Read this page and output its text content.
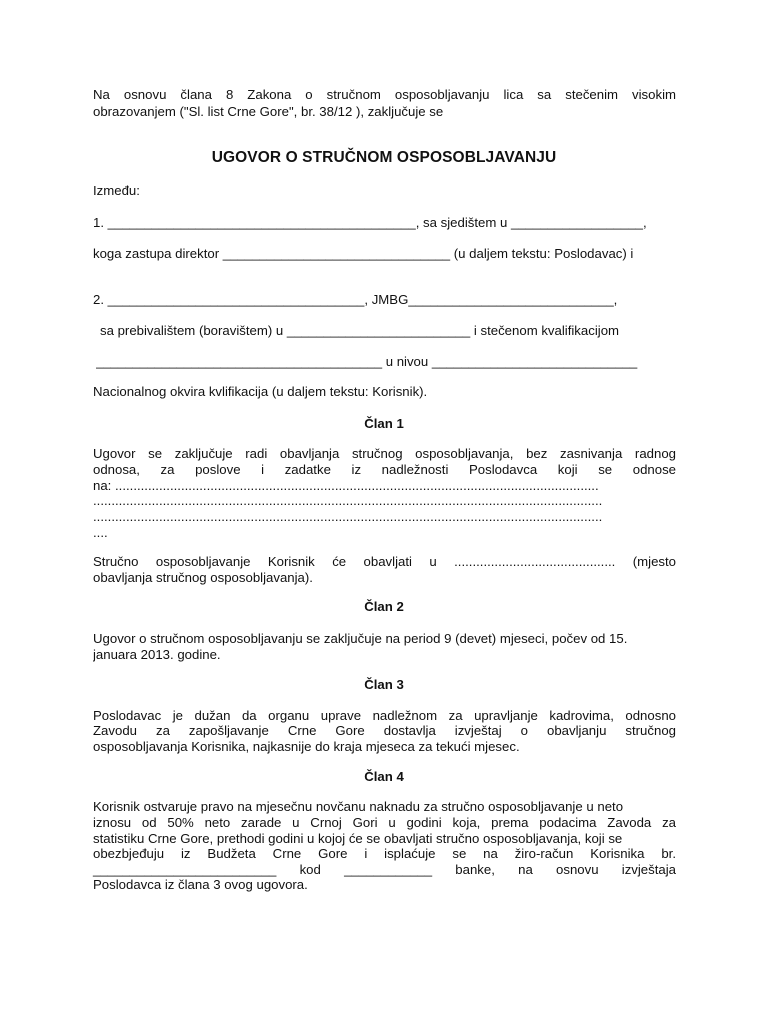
Na osnovu člana 8 Zakona o stručnom osposobljavanju lica sa stečenim visokim
obrazovanjem ("Sl. list Crne Gore", br. 38/12 ), zaključuje se
UGOVOR O STRUČNOM OSPOSOBLJAVANJU
Između:
1. __________________________________________, sa sjedištem u __________________,
koga zastupa direktor _______________________________ (u daljem tekstu: Poslodavac) i
2. ___________________________________, JMBG____________________________,
sa prebivalištem (boravištem) u _________________________ i stečenom kvalifikacijom
_______________________________________ u nivou ____________________________
Nacionalnog okvira kvlifikacija (u daljem tekstu: Korisnik).
Član 1
Ugovor se zaključuje radi obavljanja stručnog osposobljavanja, bez zasnivanja radnog
odnosa, za poslove i zadatke iz nadležnosti Poslodavca koji se odnose
na: ....................................................................................................................................
...........................................................................................................................................
...........................................................................................................................................
....
Stručno osposobljavanje Korisnik će obavljati u ............................................ (mjesto
obavljanja stručnog osposobljavanja).
Član 2
Ugovor o stručnom osposobljavanju se zaključuje na period 9 (devet) mjeseci, počev od 15.
januara 2013. godine.
Član 3
Poslodavac je dužan da organu uprave nadležnom za upravljanje kadrovima, odnosno
Zavodu za zapošljavanje Crne Gore dostavlja izvještaj o obavljanju stručnog
osposobljavanja Korisnika, najkasnije do kraja mjeseca za tekući mjesec.
Član 4
Korisnik ostvaruje pravo na mjesečnu novčanu naknadu za stručno osposobljavanje u neto
iznosu od 50% neto zarade u Crnoj Gori u godini koja, prema podacima Zavoda za
statistiku Crne Gore, prethodi godini u kojoj će se obavljati stručno osposobljavanja, koji se
obezbjeđuju iz Budžeta Crne Gore i isplaćuje se na žiro-račun Korisnika br.
_________________________ kod ____________ banke, na osnovu izvještaja
Poslodavca iz člana 3 ovog ugovora.
